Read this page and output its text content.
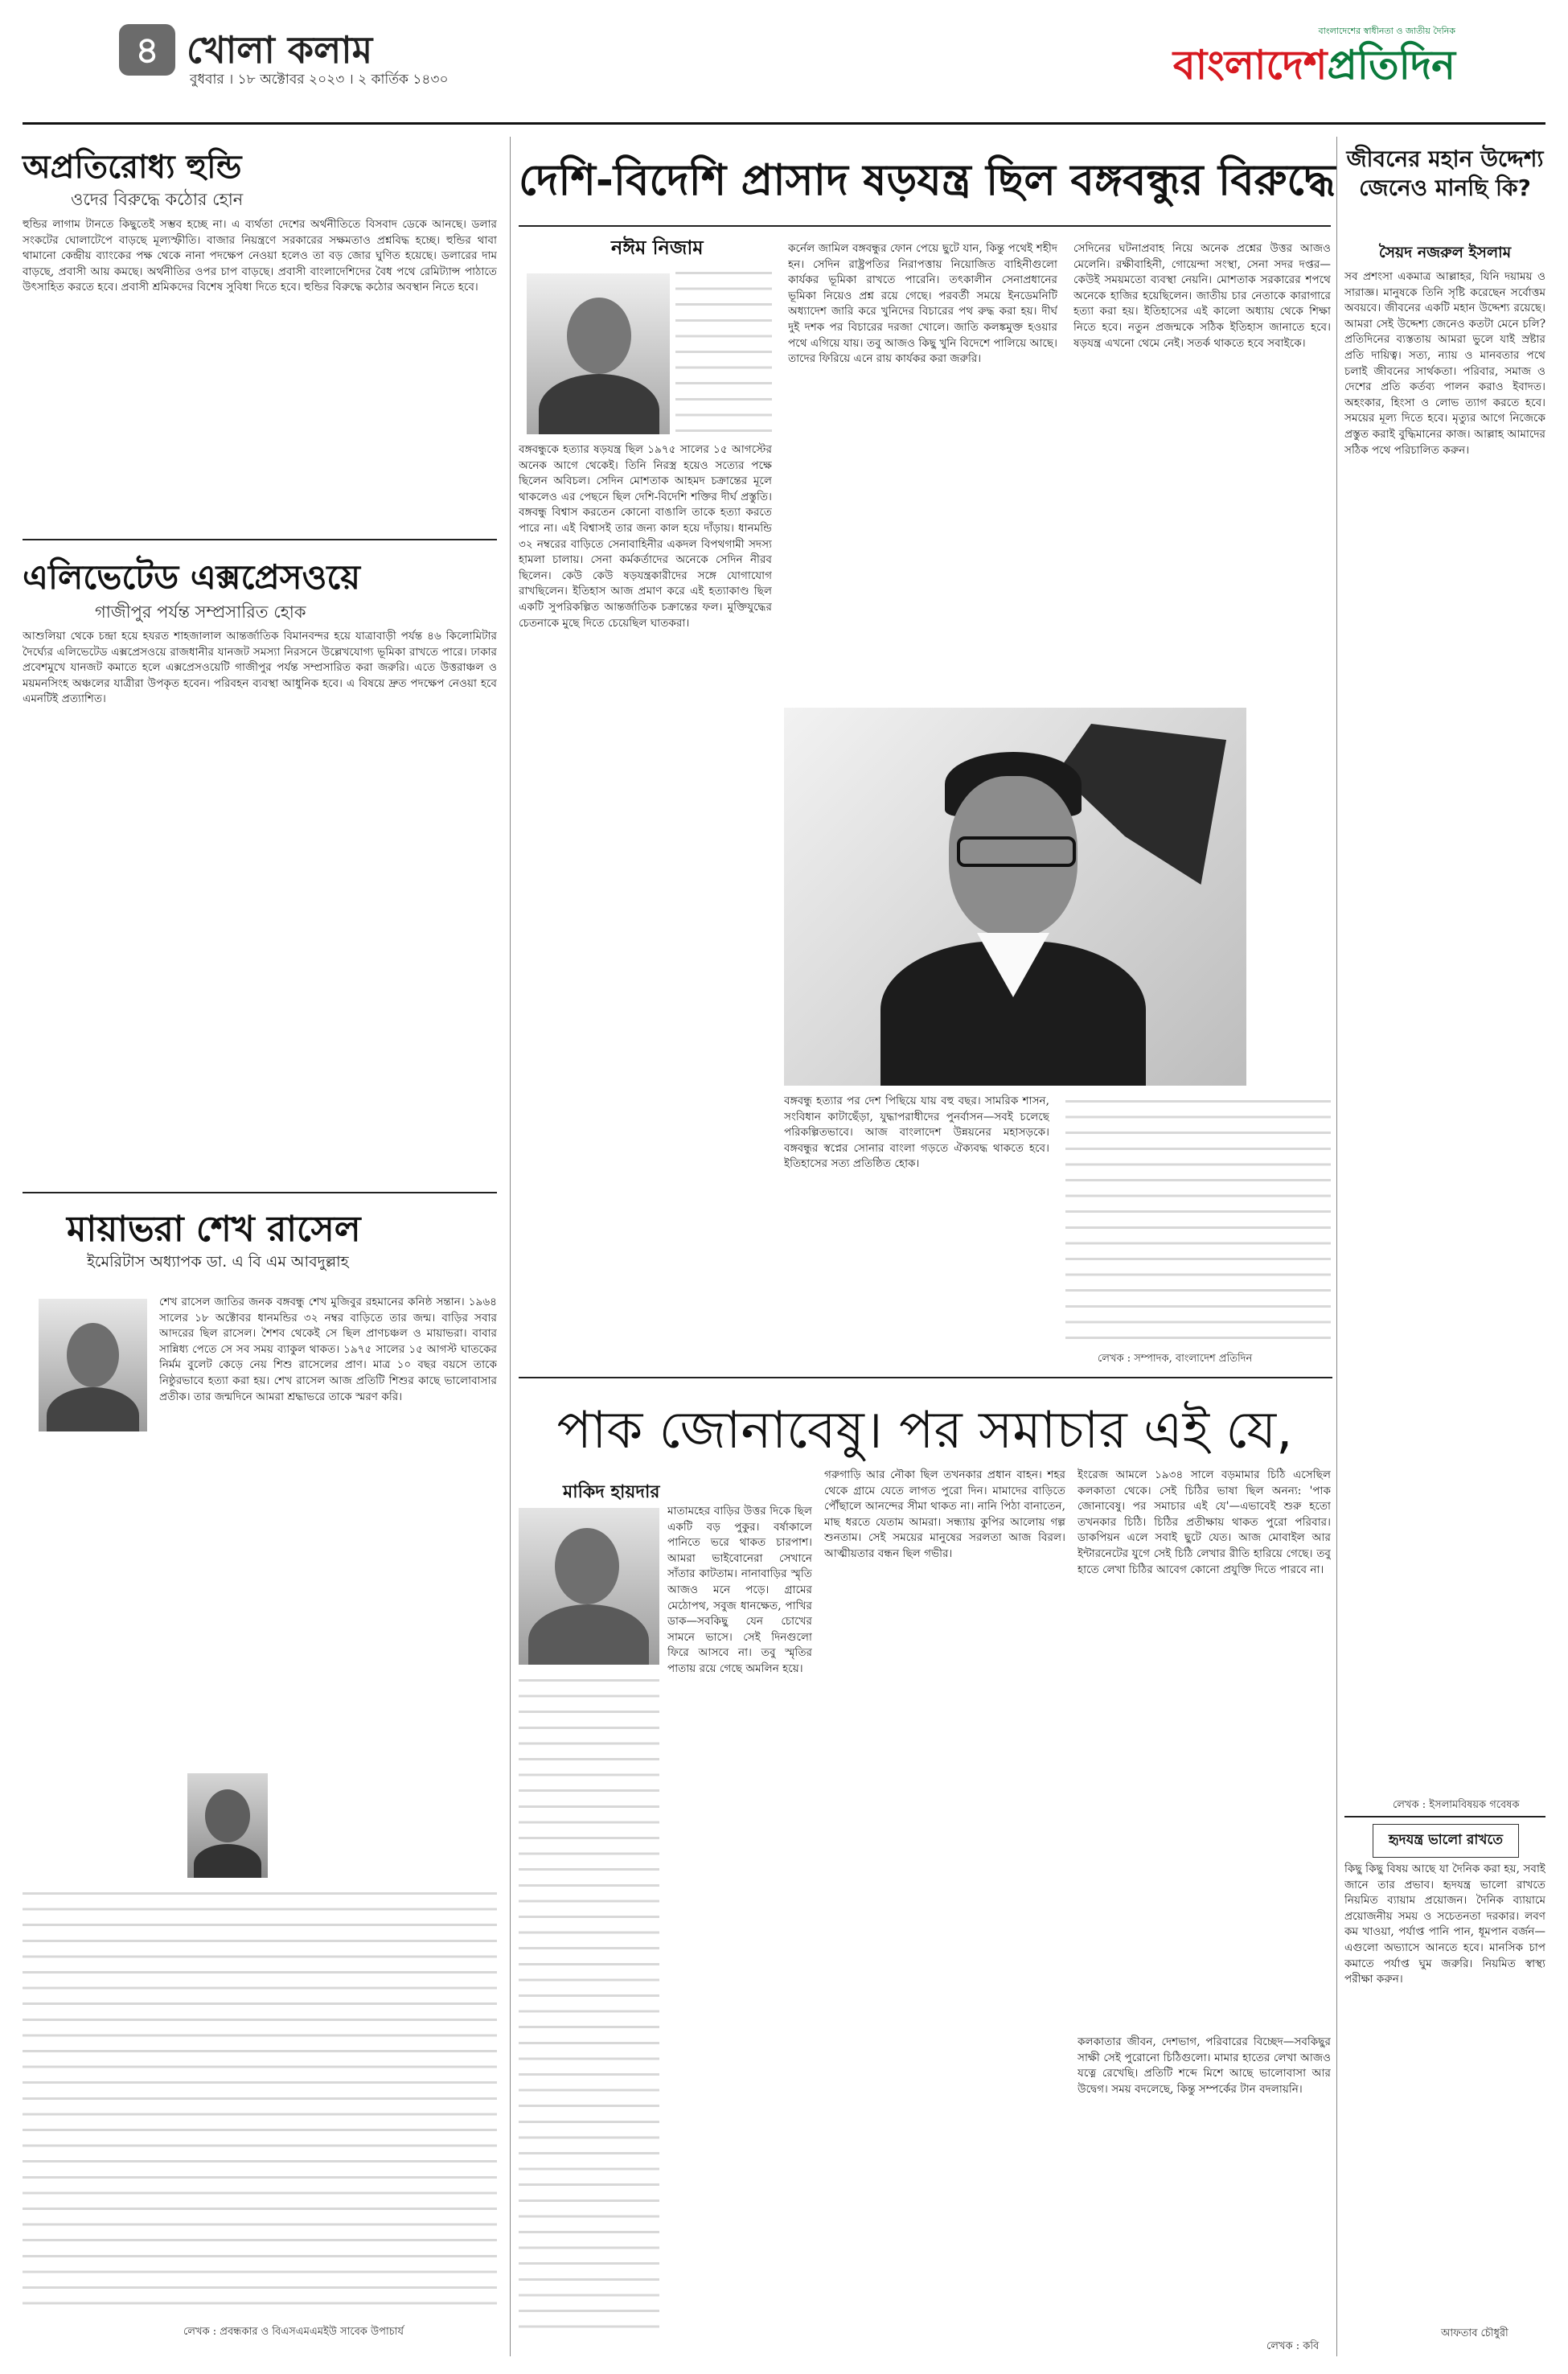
৪ খোলা কলাম
বুধবার । ১৮ অক্টোবর ২০২৩ । ২ কার্তিক ১৪৩০
বাংলাদেশের স্বাধীনতা ও জাতীয় দৈনিক
বাংলাদেশপ্রতিদিন
অপ্রতিরোধ্য হুন্ডি
ওদের বিরুদ্ধে কঠোর হোন
হুন্ডির লাগাম টানতে কিছুতেই সম্ভব হচ্ছে না। এ ব্যর্থতা দেশের অর্থনীতিতে বিসবাদ ডেকে আনছে। ডলার সংকটের ঘোলাটেপে বাড়ছে মূল্যস্ফীতি। বাজার নিয়ন্ত্রণে সরকারের সক্ষমতাও প্রশ্নবিদ্ধ হচ্ছে। হুন্ডির থাবা থামানো কেন্দ্রীয় ব্যাংকের পক্ষ থেকে নানা পদক্ষেপ নেওয়া হলেও তা বড় জোর ঘুণিত হয়েছে। ডলারের দাম বাড়ছে, প্রবাসী আয় কমছে। অর্থনীতির ওপর চাপ বাড়ছে। প্রবাসী বাংলাদেশিদের বৈধ পথে রেমিট্যান্স পাঠাতে উৎসাহিত করতে হবে। প্রবাসী শ্রমিকদের বিশেষ সুবিধা দিতে হবে। হুন্ডির বিরুদ্ধে কঠোর অবস্থান নিতে হবে।
এলিভেটেড এক্সপ্রেসওয়ে
গাজীপুর পর্যন্ত সম্প্রসারিত হোক
আশুলিয়া থেকে চন্দ্রা হয়ে হযরত শাহজালাল আন্তর্জাতিক বিমানবন্দর হয়ে যাত্রাবাড়ী পর্যন্ত ৪৬ কিলোমিটার দৈর্ঘ্যের এলিভেটেড এক্সপ্রেসওয়ে রাজধানীর যানজট সমস্যা নিরসনে উল্লেখযোগ্য ভূমিকা রাখতে পারে। ঢাকার প্রবেশমুখে যানজট কমাতে হলে এক্সপ্রেসওয়েটি গাজীপুর পর্যন্ত সম্প্রসারিত করা জরুরি। এতে উত্তরাঞ্চল ও ময়মনসিংহ অঞ্চলের যাত্রীরা উপকৃত হবেন। পরিবহন ব্যবস্থা আধুনিক হবে। এ বিষয়ে দ্রুত পদক্ষেপ নেওয়া হবে এমনটিই প্রত্যাশিত।
মায়াভরা শেখ রাসেল
ইমেরিটাস অধ্যাপক ডা. এ বি এম আবদুল্লাহ
শেখ রাসেল জাতির জনক বঙ্গবন্ধু শেখ মুজিবুর রহমানের কনিষ্ঠ সন্তান। ১৯৬৪ সালের ১৮ অক্টোবর ধানমন্ডির ৩২ নম্বর বাড়িতে তার জন্ম। বাড়ির সবার আদরের ছিল রাসেল। শৈশব থেকেই সে ছিল প্রাণচঞ্চল ও মায়াভরা। বাবার সান্নিধ্য পেতে সে সব সময় ব্যাকুল থাকত। ১৯৭৫ সালের ১৫ আগস্ট ঘাতকের নির্মম বুলেট কেড়ে নেয় শিশু রাসেলের প্রাণ। মাত্র ১০ বছর বয়সে তাকে নিষ্ঠুরভাবে হত্যা করা হয়। শেখ রাসেল আজ প্রতিটি শিশুর কাছে ভালোবাসার প্রতীক। তার জন্মদিনে আমরা শ্রদ্ধাভরে তাকে স্মরণ করি।
লেখক : প্রবন্ধকার ও বিএসএমএমইউ সাবেক উপাচার্য
দেশি-বিদেশি প্রাসাদ ষড়যন্ত্র ছিল বঙ্গবন্ধুর বিরুদ্ধে
নঈম নিজাম
বঙ্গবন্ধুকে হত্যার ষড়যন্ত্র ছিল ১৯৭৫ সালের ১৫ আগস্টের অনেক আগে থেকেই। তিনি নিরস্ত্র হয়েও সত্যের পক্ষে ছিলেন অবিচল। সেদিন মোশতাক আহমদ চক্রান্তের মূলে থাকলেও এর পেছনে ছিল দেশি-বিদেশি শক্তির দীর্ঘ প্রস্তুতি। বঙ্গবন্ধু বিশ্বাস করতেন কোনো বাঙালি তাকে হত্যা করতে পারে না। এই বিশ্বাসই তার জন্য কাল হয়ে দাঁড়ায়। ধানমন্ডি ৩২ নম্বরের বাড়িতে সেনাবাহিনীর একদল বিপথগামী সদস্য হামলা চালায়। সেনা কর্মকর্তাদের অনেকে সেদিন নীরব ছিলেন। কেউ কেউ ষড়যন্ত্রকারীদের সঙ্গে যোগাযোগ রাখছিলেন। ইতিহাস আজ প্রমাণ করে এই হত্যাকাণ্ড ছিল একটি সুপরিকল্পিত আন্তর্জাতিক চক্রান্তের ফল। মুক্তিযুদ্ধের চেতনাকে মুছে দিতে চেয়েছিল ঘাতকরা।
কর্নেল জামিল বঙ্গবন্ধুর ফোন পেয়ে ছুটে যান, কিন্তু পথেই শহীদ হন। সেদিন রাষ্ট্রপতির নিরাপত্তায় নিয়োজিত বাহিনীগুলো কার্যকর ভূমিকা রাখতে পারেনি। তৎকালীন সেনাপ্রধানের ভূমিকা নিয়েও প্রশ্ন রয়ে গেছে। পরবর্তী সময়ে ইনডেমনিটি অধ্যাদেশ জারি করে খুনিদের বিচারের পথ রুদ্ধ করা হয়। দীর্ঘ দুই দশক পর বিচারের দরজা খোলে। জাতি কলঙ্কমুক্ত হওয়ার পথে এগিয়ে যায়। তবু আজও কিছু খুনি বিদেশে পালিয়ে আছে। তাদের ফিরিয়ে এনে রায় কার্যকর করা জরুরি।
সেদিনের ঘটনাপ্রবাহ নিয়ে অনেক প্রশ্নের উত্তর আজও মেলেনি। রক্ষীবাহিনী, গোয়েন্দা সংস্থা, সেনা সদর দপ্তর—কেউই সময়মতো ব্যবস্থা নেয়নি। মোশতাক সরকারের শপথে অনেকে হাজির হয়েছিলেন। জাতীয় চার নেতাকে কারাগারে হত্যা করা হয়। ইতিহাসের এই কালো অধ্যায় থেকে শিক্ষা নিতে হবে। নতুন প্রজন্মকে সঠিক ইতিহাস জানাতে হবে। ষড়যন্ত্র এখনো থেমে নেই। সতর্ক থাকতে হবে সবাইকে।
বঙ্গবন্ধু হত্যার পর দেশ পিছিয়ে যায় বহু বছর। সামরিক শাসন, সংবিধান কাটাছেঁড়া, যুদ্ধাপরাধীদের পুনর্বাসন—সবই চলেছে পরিকল্পিতভাবে। আজ বাংলাদেশ উন্নয়নের মহাসড়কে। বঙ্গবন্ধুর স্বপ্নের সোনার বাংলা গড়তে ঐক্যবদ্ধ থাকতে হবে। ইতিহাসের সত্য প্রতিষ্ঠিত হোক।
লেখক : সম্পাদক, বাংলাদেশ প্রতিদিন
জীবনের মহান উদ্দেশ্য জেনেও মানছি কি?
সৈয়দ নজরুল ইসলাম
সব প্রশংসা একমাত্র আল্লাহর, যিনি দয়াময় ও সারাজ্ঞ। মানুষকে তিনি সৃষ্টি করেছেন সর্বোত্তম অবয়বে। জীবনের একটি মহান উদ্দেশ্য রয়েছে। আমরা সেই উদ্দেশ্য জেনেও কতটা মেনে চলি? প্রতিদিনের ব্যস্ততায় আমরা ভুলে যাই স্রষ্টার প্রতি দায়িত্ব। সত্য, ন্যায় ও মানবতার পথে চলাই জীবনের সার্থকতা। পরিবার, সমাজ ও দেশের প্রতি কর্তব্য পালন করাও ইবাদত। অহংকার, হিংসা ও লোভ ত্যাগ করতে হবে। সময়ের মূল্য দিতে হবে। মৃত্যুর আগে নিজেকে প্রস্তুত করাই বুদ্ধিমানের কাজ। আল্লাহ আমাদের সঠিক পথে পরিচালিত করুন।
লেখক : ইসলামবিষয়ক গবেষক
হৃদযন্ত্র ভালো রাখতে
কিছু কিছু বিষয় আছে যা দৈনিক করা হয়, সবাই জানে তার প্রভাব। হৃদযন্ত্র ভালো রাখতে নিয়মিত ব্যায়াম প্রয়োজন। দৈনিক ব্যায়ামে প্রয়োজনীয় সময় ও সচেতনতা দরকার। লবণ কম খাওয়া, পর্যাপ্ত পানি পান, ধূমপান বর্জন—এগুলো অভ্যাসে আনতে হবে। মানসিক চাপ কমাতে পর্যাপ্ত ঘুম জরুরি। নিয়মিত স্বাস্থ্য পরীক্ষা করুন।
আফতাব চৌধুরী
পাক জোনাবেষু। পর সমাচার এই যে,
মাকিদ হায়দার
মাতামহের বাড়ির উত্তর দিকে ছিল একটি বড় পুকুর। বর্ষাকালে পানিতে ভরে থাকত চারপাশ। আমরা ভাইবোনেরা সেখানে সাঁতার কাটতাম। নানাবাড়ির স্মৃতি আজও মনে পড়ে। গ্রামের মেঠোপথ, সবুজ ধানক্ষেত, পাখির ডাক—সবকিছু যেন চোখের সামনে ভাসে। সেই দিনগুলো ফিরে আসবে না। তবু স্মৃতির পাতায় রয়ে গেছে অমলিন হয়ে।
গরুগাড়ি আর নৌকা ছিল তখনকার প্রধান বাহন। শহর থেকে গ্রামে যেতে লাগত পুরো দিন। মামাদের বাড়িতে পৌঁছালে আনন্দের সীমা থাকত না। নানি পিঠা বানাতেন, মাছ ধরতে যেতাম আমরা। সন্ধ্যায় কুপির আলোয় গল্প শুনতাম। সেই সময়ের মানুষের সরলতা আজ বিরল। আত্মীয়তার বন্ধন ছিল গভীর।
ইংরেজ আমলে ১৯৩৪ সালে বড়মামার চিঠি এসেছিল কলকাতা থেকে। সেই চিঠির ভাষা ছিল অনন্য: 'পাক জোনাবেষু। পর সমাচার এই যে'—এভাবেই শুরু হতো তখনকার চিঠি। চিঠির প্রতীক্ষায় থাকত পুরো পরিবার। ডাকপিয়ন এলে সবাই ছুটে যেত। আজ মোবাইল আর ইন্টারনেটের যুগে সেই চিঠি লেখার রীতি হারিয়ে গেছে। তবু হাতে লেখা চিঠির আবেগ কোনো প্রযুক্তি দিতে পারবে না।
কলকাতার জীবন, দেশভাগ, পরিবারের বিচ্ছেদ—সবকিছুর সাক্ষী সেই পুরোনো চিঠিগুলো। মামার হাতের লেখা আজও যত্নে রেখেছি। প্রতিটি শব্দে মিশে আছে ভালোবাসা আর উদ্বেগ। সময় বদলেছে, কিন্তু সম্পর্কের টান বদলায়নি।
লেখক : কবি
